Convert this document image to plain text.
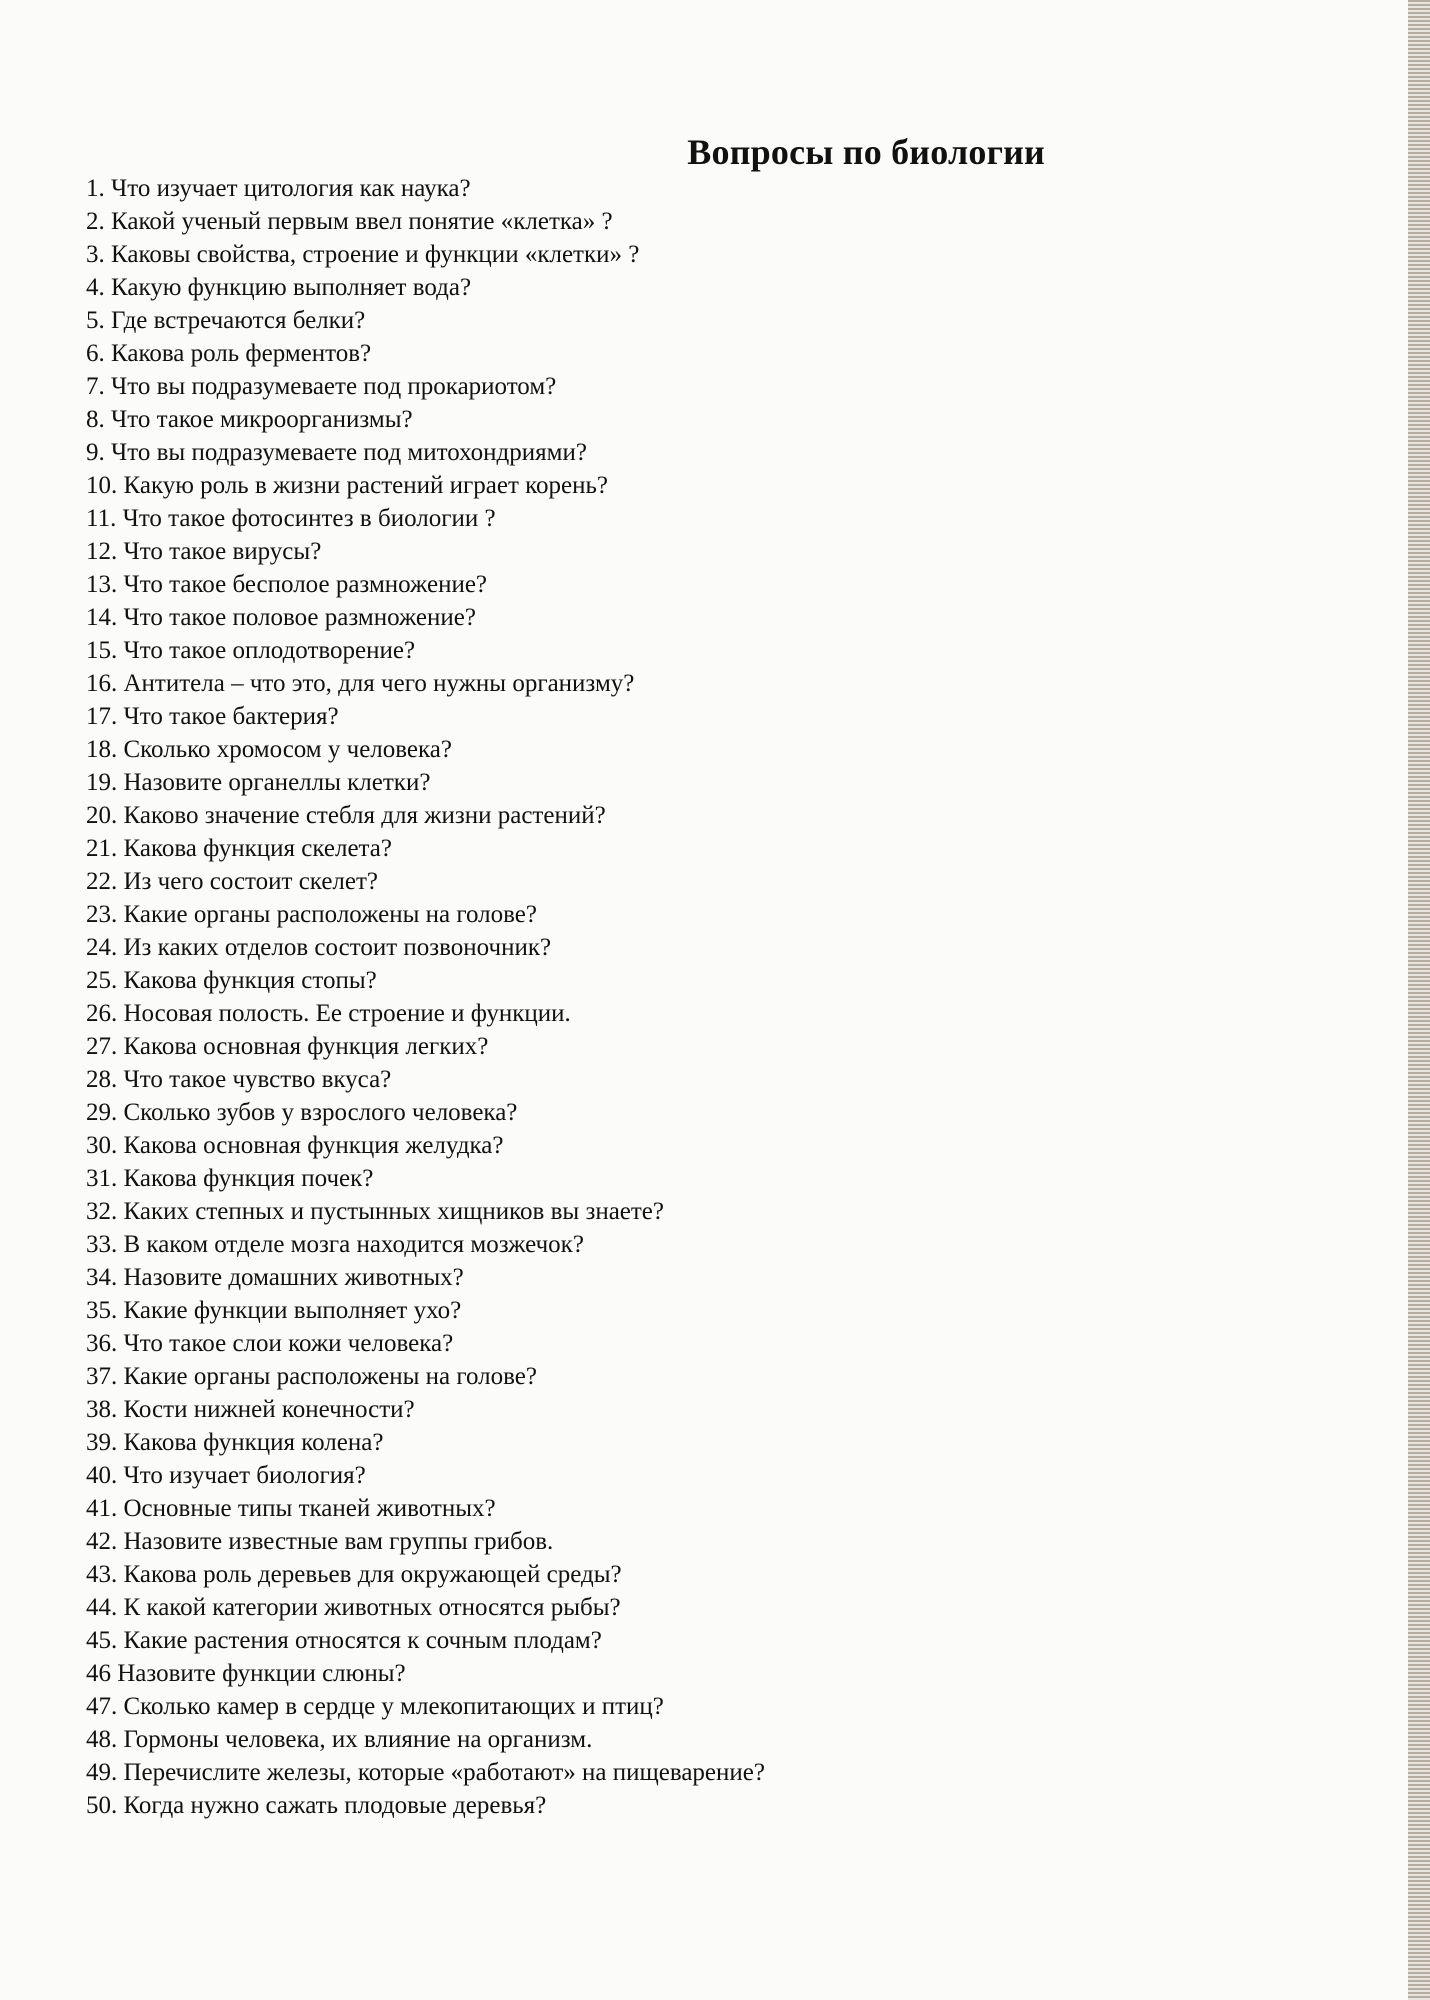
Вопросы по биологии
1. Что изучает цитология как наука?
2. Какой ученый первым ввел понятие «клетка» ?
3. Каковы свойства, строение и функции «клетки» ?
4. Какую функцию выполняет вода?
5. Где встречаются белки?
6. Какова роль ферментов?
7. Что вы подразумеваете под прокариотом?
8. Что такое микроорганизмы?
9. Что вы подразумеваете под митохондриями?
10. Какую роль в жизни растений играет корень?
11. Что такое фотосинтез в биологии ?
12. Что такое вирусы?
13. Что такое бесполое размножение?
14. Что такое половое размножение?
15. Что такое оплодотворение?
16. Антитела – что это, для чего нужны организму?
17. Что такое бактерия?
18. Сколько хромосом у человека?
19. Назовите органеллы клетки?
20. Каково значение стебля для жизни растений?
21. Какова функция скелета?
22. Из чего состоит скелет?
23. Какие органы расположены на голове?
24. Из каких отделов состоит позвоночник?
25. Какова функция стопы?
26. Носовая полость. Ее строение и функции.
27. Какова основная функция легких?
28. Что такое чувство вкуса?
29. Сколько зубов у взрослого человека?
30. Какова основная функция желудка?
31. Какова функция почек?
32. Каких степных и пустынных хищников вы знаете?
33. В каком отделе мозга находится мозжечок?
34. Назовите домашних животных?
35. Какие функции выполняет ухо?
36. Что такое слои кожи человека?
37. Какие органы расположены на голове?
38. Кости нижней конечности?
39. Какова функция колена?
40. Что изучает биология?
41. Основные типы тканей животных?
42. Назовите известные вам группы грибов.
43. Какова роль деревьев для окружающей среды?
44. К какой категории животных относятся рыбы?
45. Какие растения относятся к сочным плодам?
46 Назовите функции слюны?
47. Сколько камер в сердце у млекопитающих и птиц?
48. Гормоны человека, их влияние на организм.
49. Перечислите железы, которые «работают» на пищеварение?
50. Когда нужно сажать плодовые деревья?
